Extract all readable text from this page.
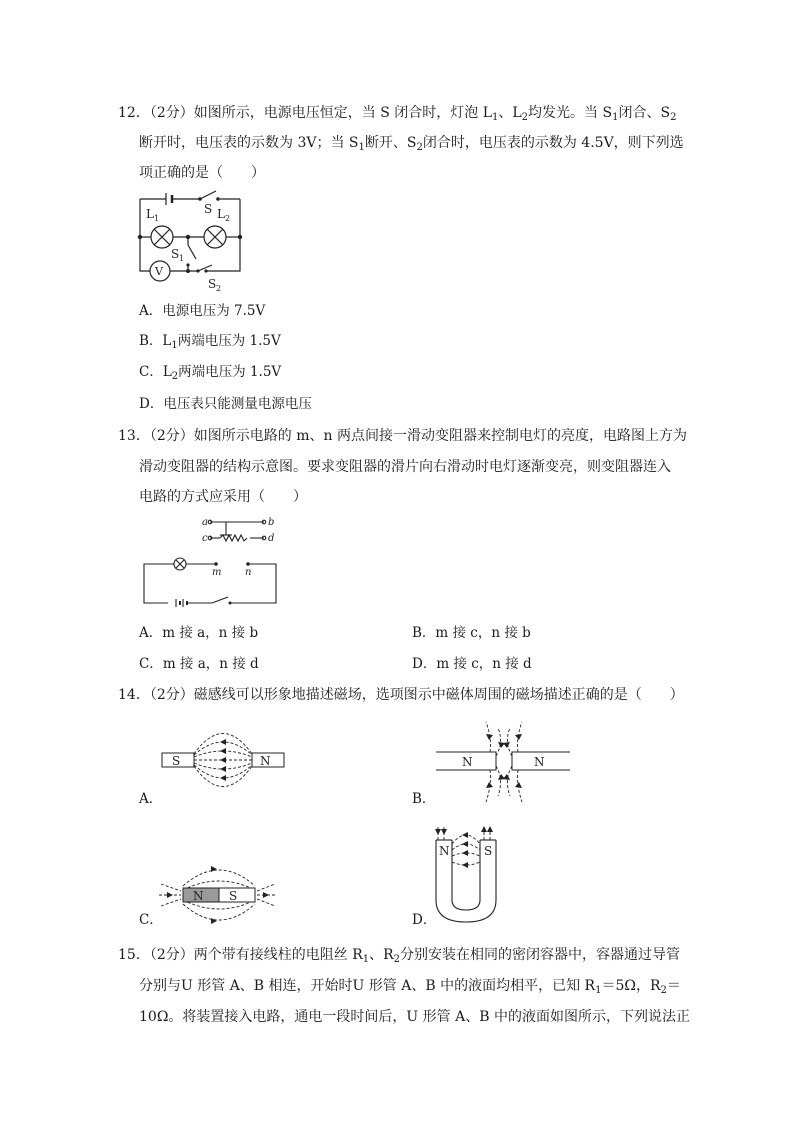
12．（2分）如图所示，电源电压恒定，当 S 闭合时，灯泡 $L_1$、$L_2$均发光。当 $S_1$闭合、$S_2$
断开时，电压表的示数为 3V；当 $S_1$断开、$S_2$闭合时，电压表的示数为 4.5V，则下列选
项正确的是（　　）
S
L 1	L 2
S 1
V
S 2
A．电源电压为 7.5V
B．$L_1$两端电压为 1.5V
C．$L_2$两端电压为 1.5V
D．电压表只能测量电源电压
13．（2分）如图所示电路的 m、n 两点间接一滑动变阻器来控制电灯的亮度，电路图上方为
滑动变阻器的结构示意图。要求变阻器的滑片向右滑动时电灯逐渐变亮，则变阻器连入
电路的方式应采用（　　）
a	b
c	d
m n
A．m 接 a，n 接 b	B．m 接 c，n 接 b
C．m 接 a，n 接 d	D．m 接 c，n 接 d
14．（2分）磁感线可以形象地描述磁场，选项图示中磁体周围的磁场描述正确的是（　　）
S	N
A．
N	N
B．
N S
C．
N	S
D．
15．（2分）两个带有接线柱的电阻丝 $R_1$、$R_2$分别安装在相同的密闭容器中，容器通过导管
分别与U 形管 A、B 相连，开始时U 形管 A、B 中的液面均相平，已知 $R_1=5\Omega$，$R_2=$
10Ω。将装置接入电路，通电一段时间后，U 形管 A、B 中的液面如图所示，下列说法正
